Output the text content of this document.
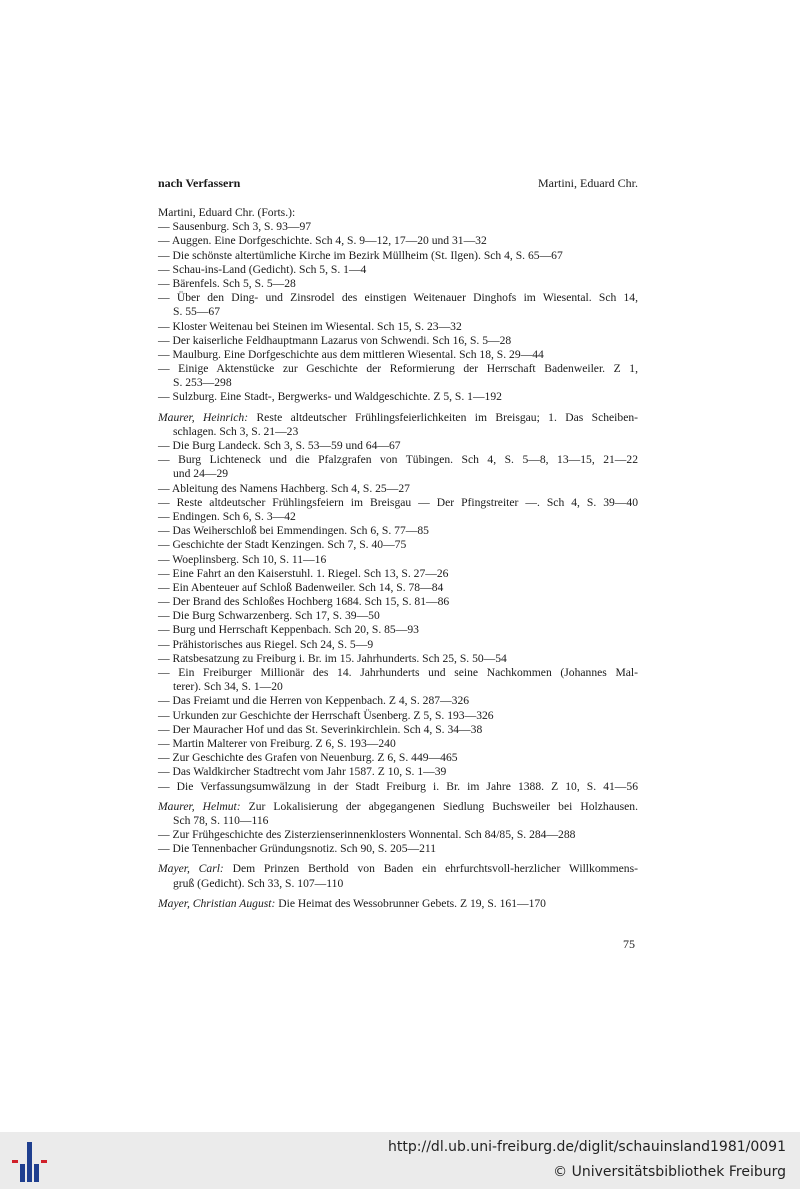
nach Verfassern	Martini, Eduard Chr.
Martini, Eduard Chr. (Forts.):
— Sausenburg. Sch 3, S. 93—97
— Auggen. Eine Dorfgeschichte. Sch 4, S. 9—12, 17—20 und 31—32
— Die schönste altertümliche Kirche im Bezirk Müllheim (St. Ilgen). Sch 4, S. 65—67
— Schau-ins-Land (Gedicht). Sch 5, S. 1—4
— Bärenfels. Sch 5, S. 5—28
— Über den Ding- und Zinsrodel des einstigen Weitenauer Dinghofs im Wiesental. Sch 14,
S. 55—67
— Kloster Weitenau bei Steinen im Wiesental. Sch 15, S. 23—32
— Der kaiserliche Feldhauptmann Lazarus von Schwendi. Sch 16, S. 5—28
— Maulburg. Eine Dorfgeschichte aus dem mittleren Wiesental. Sch 18, S. 29—44
— Einige Aktenstücke zur Geschichte der Reformierung der Herrschaft Badenweiler. Z 1,
S. 253—298
— Sulzburg. Eine Stadt-, Bergwerks- und Waldgeschichte. Z 5, S. 1—192
Maurer, Heinrich: Reste altdeutscher Frühlingsfeierlichkeiten im Breisgau; 1. Das Scheiben-
schlagen. Sch 3, S. 21—23
— Die Burg Landeck. Sch 3, S. 53—59 und 64—67
— Burg Lichteneck und die Pfalzgrafen von Tübingen. Sch 4, S. 5—8, 13—15, 21—22
und 24—29
— Ableitung des Namens Hachberg. Sch 4, S. 25—27
— Reste altdeutscher Frühlingsfeiern im Breisgau — Der Pfingstreiter —. Sch 4, S. 39—40
— Endingen. Sch 6, S. 3—42
— Das Weiherschloß bei Emmendingen. Sch 6, S. 77—85
— Geschichte der Stadt Kenzingen. Sch 7, S. 40—75
— Woeplinsberg. Sch 10, S. 11—16
— Eine Fahrt an den Kaiserstuhl. 1. Riegel. Sch 13, S. 27—26
— Ein Abenteuer auf Schloß Badenweiler. Sch 14, S. 78—84
— Der Brand des Schloßes Hochberg 1684. Sch 15, S. 81—86
— Die Burg Schwarzenberg. Sch 17, S. 39—50
— Burg und Herrschaft Keppenbach. Sch 20, S. 85—93
— Prähistorisches aus Riegel. Sch 24, S. 5—9
— Ratsbesatzung zu Freiburg i. Br. im 15. Jahrhunderts. Sch 25, S. 50—54
— Ein Freiburger Millionär des 14. Jahrhunderts und seine Nachkommen (Johannes Mal-
terer). Sch 34, S. 1—20
— Das Freiamt und die Herren von Keppenbach. Z 4, S. 287—326
— Urkunden zur Geschichte der Herrschaft Üsenberg. Z 5, S. 193—326
— Der Mauracher Hof und das St. Severinkirchlein. Sch 4, S. 34—38
— Martin Malterer von Freiburg. Z 6, S. 193—240
— Zur Geschichte des Grafen von Neuenburg. Z 6, S. 449—465
— Das Waldkircher Stadtrecht vom Jahr 1587. Z 10, S. 1—39
— Die Verfassungsumwälzung in der Stadt Freiburg i. Br. im Jahre 1388. Z 10, S. 41—56
Maurer, Helmut: Zur Lokalisierung der abgegangenen Siedlung Buchsweiler bei Holzhausen.
Sch 78, S. 110—116
— Zur Frühgeschichte des Zisterzienserinnenklosters Wonnental. Sch 84/85, S. 284—288
— Die Tennenbacher Gründungsnotiz. Sch 90, S. 205—211
Mayer, Carl: Dem Prinzen Berthold von Baden ein ehrfurchtsvoll-herzlicher Willkommens-
gruß (Gedicht). Sch 33, S. 107—110
Mayer, Christian August: Die Heimat des Wessobrunner Gebets. Z 19, S. 161—170
75
http://dl.ub.uni-freiburg.de/diglit/schauinsland1981/0091
© Universitätsbibliothek Freiburg
